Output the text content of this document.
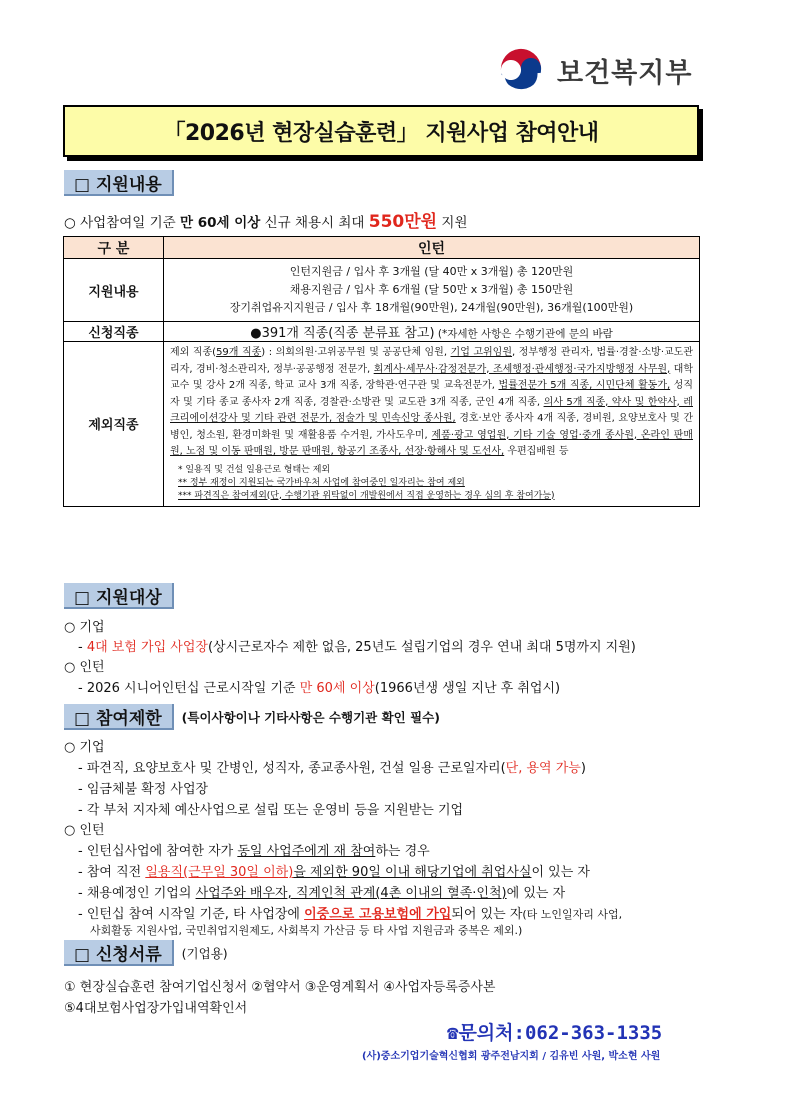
보건복지부
「2026년 현장실습훈련」 지원사업 참여안내
□ 지원내용
○ 사업참여일 기준 만 60세 이상 신규 채용시 최대 550만원 지원
구 분	인턴
지원내용	인턴지원금 / 입사 후 3개월 (달 40만 x 3개월) 총 120만원
채용지원금 / 입사 후 6개월 (달 50만 x 3개월) 총 150만원
장기취업유지지원금 / 입사 후 18개월(90만원), 24개월(90만원), 36개월(100만원)

신청직종	●391개 직종(직종 분류표 참고) (*자세한 사항은 수행기관에 문의 바람
제외직종	제외 직종(59개 직종) : 의회의원·고위공무원 및 공공단체 임원, 기업 고위임원, 정부행정 관리자, 법률·경찰·소방·교도관리자, 경비·청소관리자, 정부·공공행정 전문가, 회계사·세무사·감정전문가, 조세행정·관세행정·국가지방행정 사무원, 대학교수 및 강사 2개 직종, 학교 교사 3개 직종, 장학관·연구관 및 교육전문가, 법률전문가 5개 직종, 시민단체 활동가, 성직자 및 기타 종교 종사자 2개 직종, 경찰관·소방관 및 교도관 3개 직종, 군인 4개 직종, 의사 5개 직종, 약사 및 한약사, 레크리에이션강사 및 기타 관련 전문가, 점술가 및 민속신앙 종사원, 경호·보안 종사자 4개 직종, 경비원, 요양보호사 및 간병인, 청소원, 환경미화원 및 재활용품 수거원, 가사도우미, 제품·광고 영업원, 기타 기술 영업·중개 종사원, 온라인 판매원, 노점 및 이동 판매원, 방문 판매원, 항공기 조종사, 선장·항해사 및 도선사, 우편집배원 등
* 일용직 및 건설 일용근로 형태는 제외
** 정부 재정이 지원되는 국가바우처 사업에 참여중인 일자리는 참여 제외
*** 파견직은 참여제외(단, 수행기관 위탁없이 개발원에서 직접 운영하는 경우 심의 후 참여가능)
□ 지원대상
○ 기업
- 4대 보험 가입 사업장(상시근로자수 제한 없음, 25년도 설립기업의 경우 연내 최대 5명까지 지원)
○ 인턴
- 2026 시니어인턴십 근로시작일 기준 만 60세 이상(1966년생 생일 지난 후 취업시)
□ 참여제한	(특이사항이나 기타사항은 수행기관 확인 필수)
○ 기업
- 파견직, 요양보호사 및 간병인, 성직자, 종교종사원, 건설 일용 근로일자리(단, 용역 가능)
- 임금체불 확정 사업장
- 각 부처 지자체 예산사업으로 설립 또는 운영비 등을 지원받는 기업
○ 인턴
- 인턴십사업에 참여한 자가 동일 사업주에게 재 참여하는 경우
- 참여 직전 일용직(근무일 30일 이하)을 제외한 90일 이내 해당기업에 취업사실이 있는 자
- 채용예정인 기업의 사업주와 배우자, 직계인척 관계(4촌 이내의 혈족·인척)에 있는 자
- 인턴십 참여 시작일 기준, 타 사업장에 이중으로 고용보험에 가입되어 있는 자(타 노인일자리 사업,
사회활동 지원사업, 국민취업지원제도, 사회복지 가산금 등 타 사업 지원금과 중복은 제외.)
□ 신청서류	(기업용)
① 현장실습훈련 참여기업신청서 ②협약서 ③운영계획서 ④사업자등록증사본
⑤4대보험사업장가입내역확인서
☎문의처:062-363-1335
(사)중소기업기술혁신협회 광주전남지회 / 김유빈 사원, 박소현 사원
